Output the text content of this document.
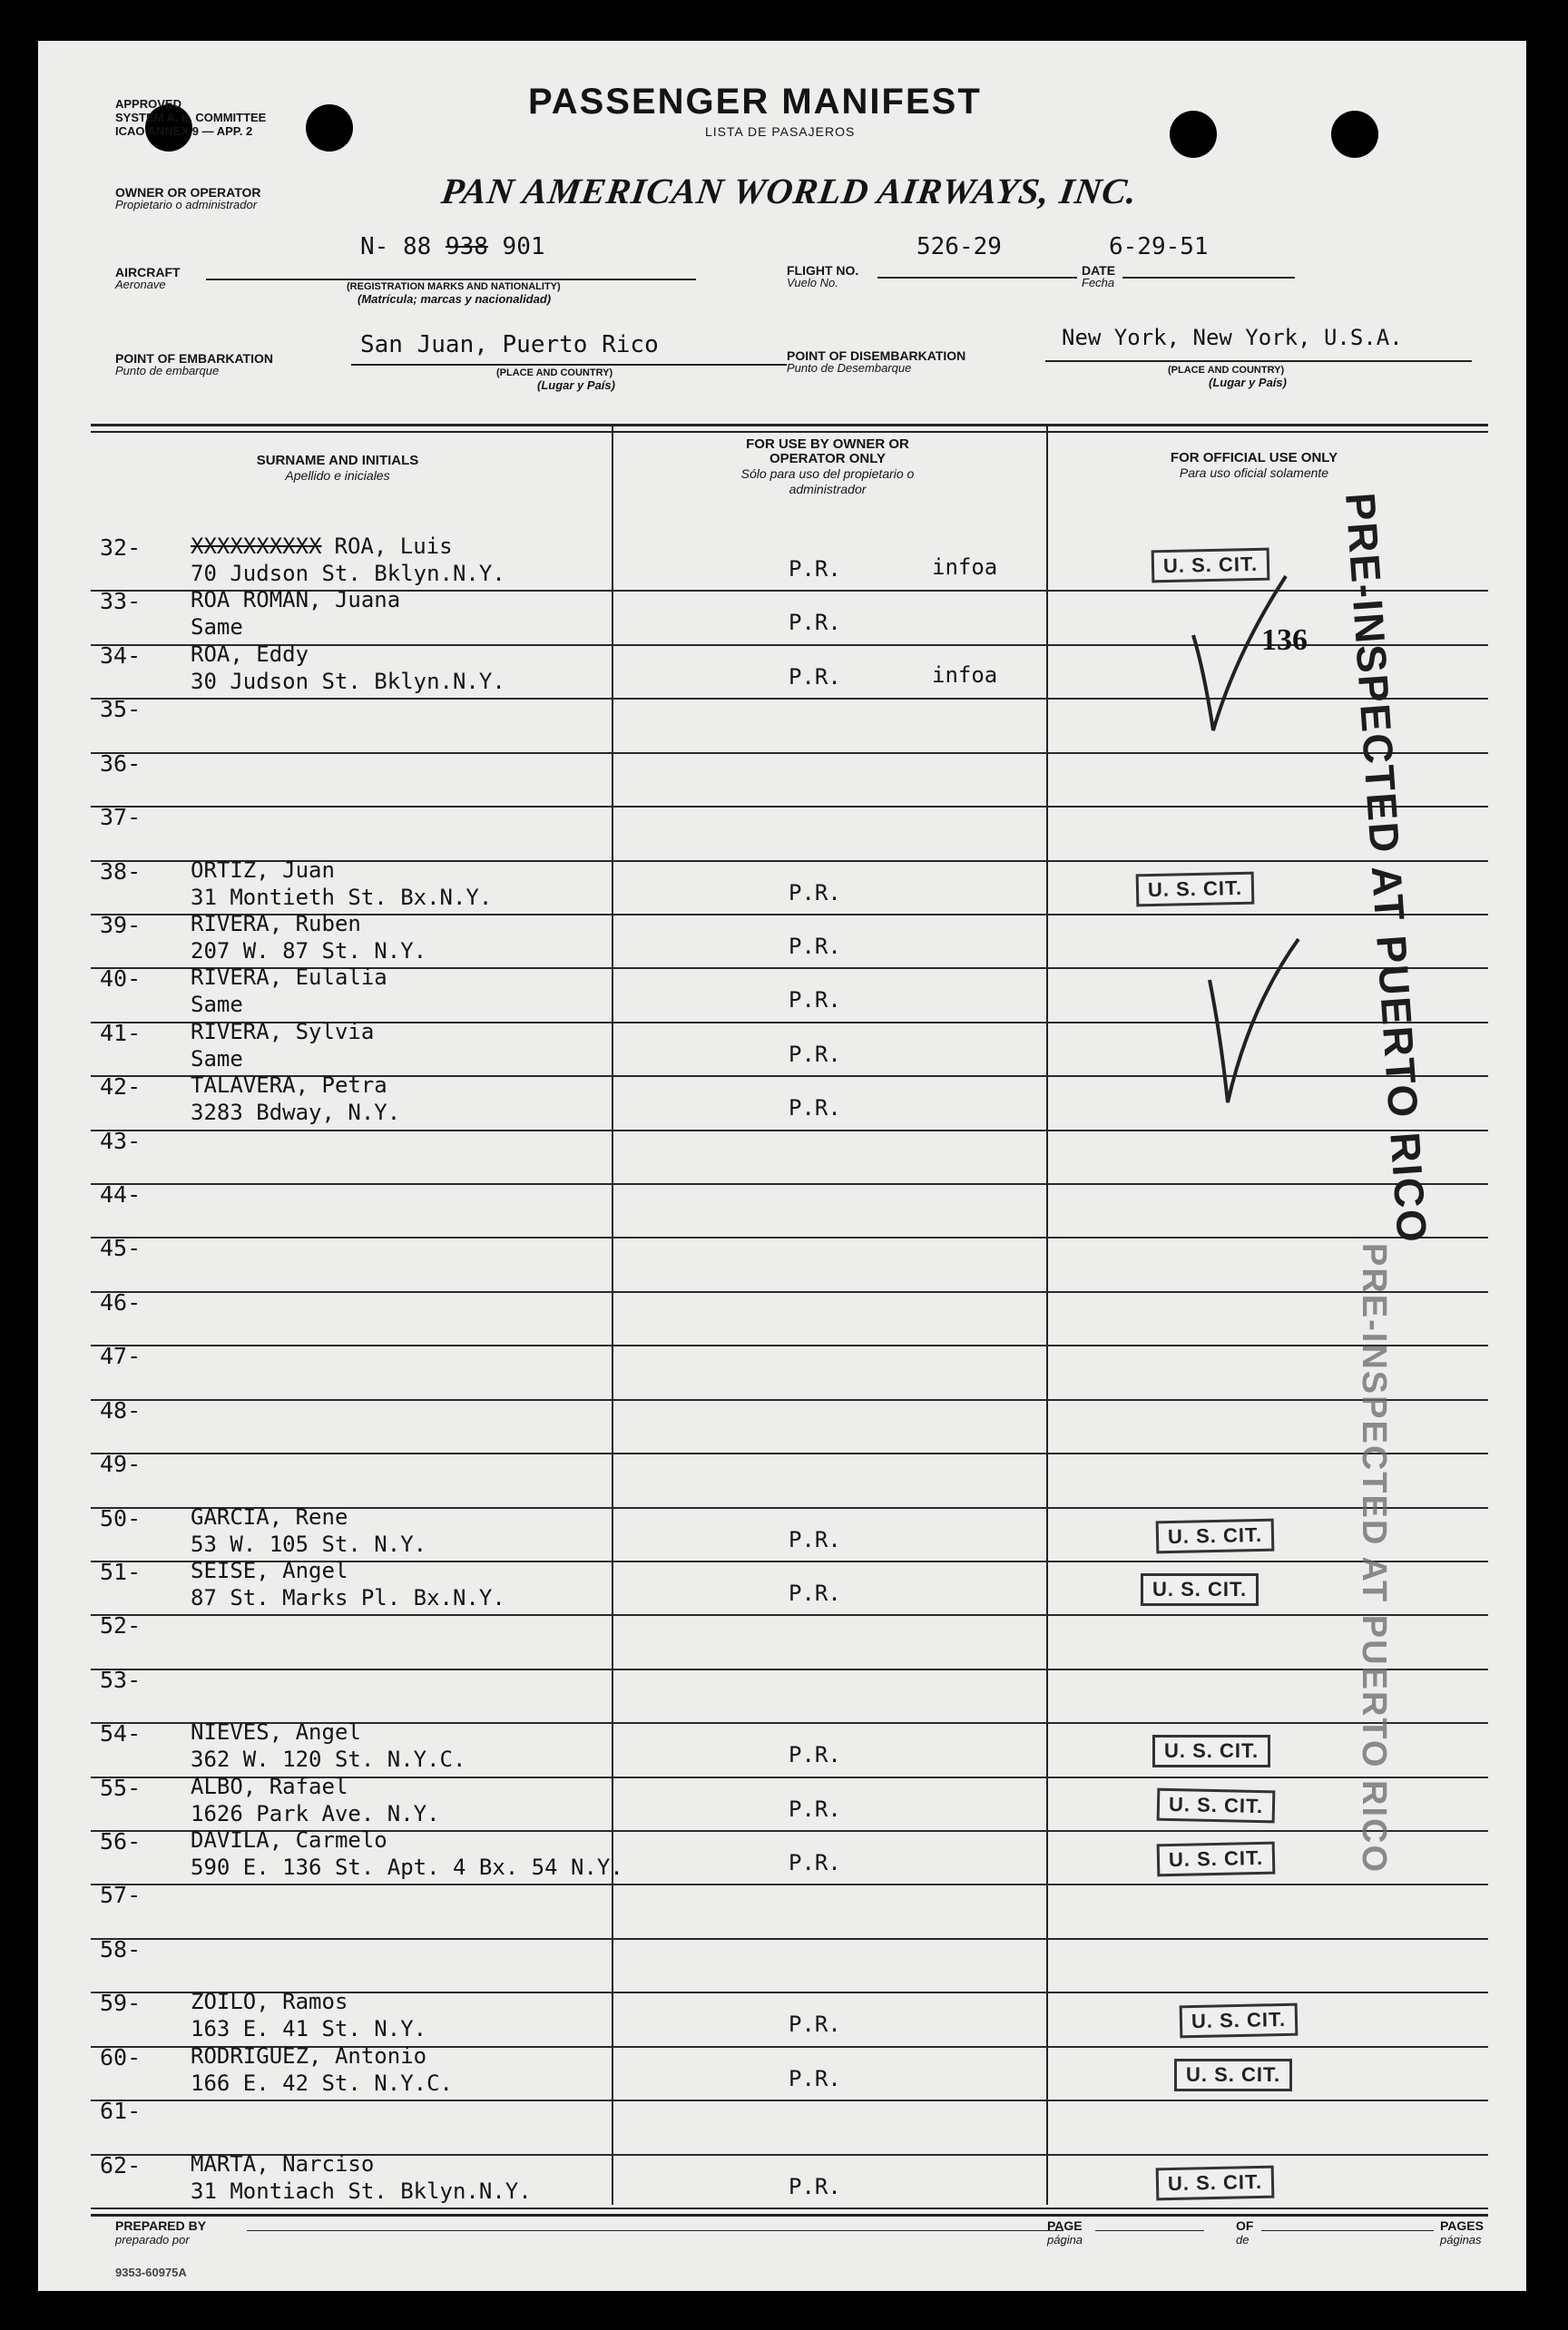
APPROVED
SYSTEM A. L. COMMITTEE
ICAO ANNEX 9 — APP. 2
PASSENGER MANIFEST
LISTA DE PASAJEROS
OWNER OR OPERATOR
Propietario o administrador	PAN AMERICAN WORLD AIRWAYS, INC.
N- 88 938 901
AIRCRAFT
Aeronave	(REGISTRATION MARKS AND NATIONALITY)
(Matrícula; marcas y nacionalidad)
526-29
FLIGHT NO.
Vuelo No.
6-29-51
DATE
Fecha
San Juan, Puerto Rico
POINT OF EMBARKATION
Punto de embarque	(PLACE AND COUNTRY)
(Lugar y País)
New York, New York, U.S.A.
POINT OF DISEMBARKATION
Punto de Desembarque	(PLACE AND COUNTRY)
(Lugar y País)
SURNAME AND INITIALS
Apellido e iniciales
FOR USE BY OWNER OR OPERATOR ONLY
Sólo para uso del propietario o administrador
FOR OFFICIAL USE ONLY
Para uso oficial solamente
32- XXXXXXXXXX ROA, Luis
70 Judson St. Bklyn.N.Y.	P.R.	infoa	U. S. CIT.
33- ROA ROMAN, Juana
Same	P.R.
34- ROA, Eddy
30 Judson St. Bklyn.N.Y.	P.R.	infoa
35-
36-
37-
38- ORTIZ, Juan
31 Montieth St. Bx.N.Y.	P.R.	U. S. CIT.
39- RIVERA, Ruben
207 W. 87 St. N.Y.	P.R.
40- RIVERA, Eulalia
Same	P.R.
41- RIVERA, Sylvia
Same	P.R.
42- TALAVERA, Petra
3283 Bdway, N.Y.	P.R.
43-
44-
45-
46-
47-
48-
49-
50- GARCIA, Rene
53 W. 105 St. N.Y.	P.R.	U. S. CIT.
51- SEISE, Angel
87 St. Marks Pl. Bx.N.Y.	P.R.	U. S. CIT.
52-
53-
54- NIEVES, Angel
362 W. 120 St. N.Y.C.	P.R.	U. S. CIT.
55- ALBO, Rafael
1626 Park Ave. N.Y.	P.R.	U. S. CIT.
56- DAVILA, Carmelo
590 E. 136 St. Apt. 4 Bx. 54 N.Y.	P.R.	U. S. CIT.
57-
58-
59- ZOILO, Ramos
163 E. 41 St. N.Y.	P.R.	U. S. CIT.
60- RODRIGUEZ, Antonio
166 E. 42 St. N.Y.C.	P.R.	U. S. CIT.
61-
62- MARTA, Narciso
31 Montiach St. Bklyn.N.Y.	P.R.	U. S. CIT.
136 PRE-INSPECTED AT PUERTO RICO
PRE-INSPECTED AT PUERTO RICO
PREPARED BY
preparado por
PAGE
página
OF
de
PAGES
páginas
9353-60975A
